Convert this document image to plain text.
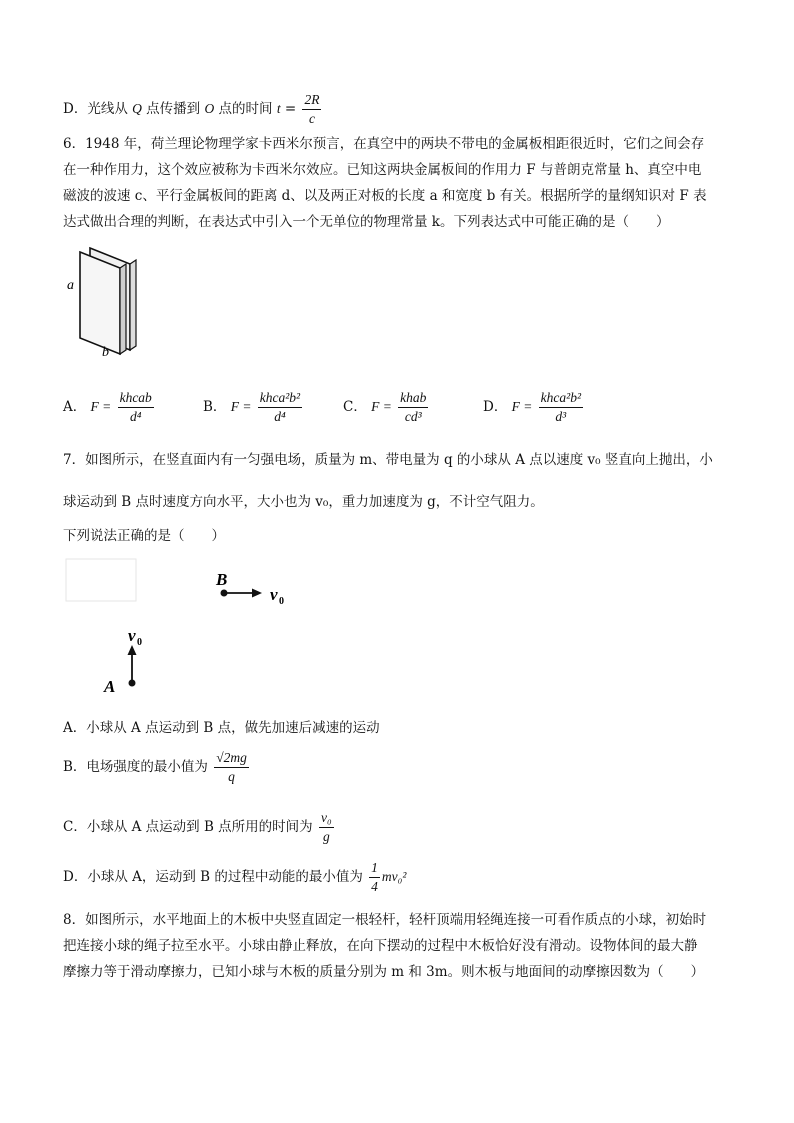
D．光线从 Q 点传播到 O 点的时间 $t = \frac{2R}{c}$
6．1948 年，荷兰理论物理学家卡西米尔预言，在真空中的两块不带电的金属板相距很近时，它们之间会存
在一种作用力，这个效应被称为卡西米尔效应。已知这两块金属板间的作用力 F 与普朗克常量 h、真空中电
磁波的波速 c、平行金属板间的距离 d、以及两正对板的长度 a 和宽度 b 有关。根据所学的量纲知识对 F 表
达式做出合理的判断，在表达式中引入一个无单位的物理常量 k。下列表达式中可能正确的是（　　）
a
b
A． $F = \frac{\text{khcab}}{\text{d⁴}}$	B． $F = \frac{\text{khca²b²}}{\text{d⁴}}$	C． $F = \frac{\text{khab}}{\text{cd³}}$	D． $F = \frac{\text{khca²b²}}{\text{d³}}$
7．如图所示，在竖直面内有一匀强电场，质量为 m、带电量为 q 的小球从 A 点以速度 v₀ 竖直向上抛出，小
球运动到 B 点时速度方向水平，大小也为 v₀，重力加速度为 g，不计空气阻力。
下列说法正确的是（　　）
B
v 0
A
v 0
A．小球从 A 点运动到 B 点，做先加速后减速的运动
B．电场强度的最小值为 $\frac{√2mg}{q}$
C．小球从 A 点运动到 B 点所用的时间为 $\frac{\text{v₀}}{g}$
D．小球从 A，运动到 B 的过程中动能的最小值为 $\frac{1}{4} mv_0^2$
8．如图所示，水平地面上的木板中央竖直固定一根轻杆，轻杆顶端用轻绳连接一可看作质点的小球，初始时
把连接小球的绳子拉至水平。小球由静止释放，在向下摆动的过程中木板恰好没有滑动。设物体间的最大静
摩擦力等于滑动摩擦力，已知小球与木板的质量分别为 m 和 3m。则木板与地面间的动摩擦因数为（　　）
